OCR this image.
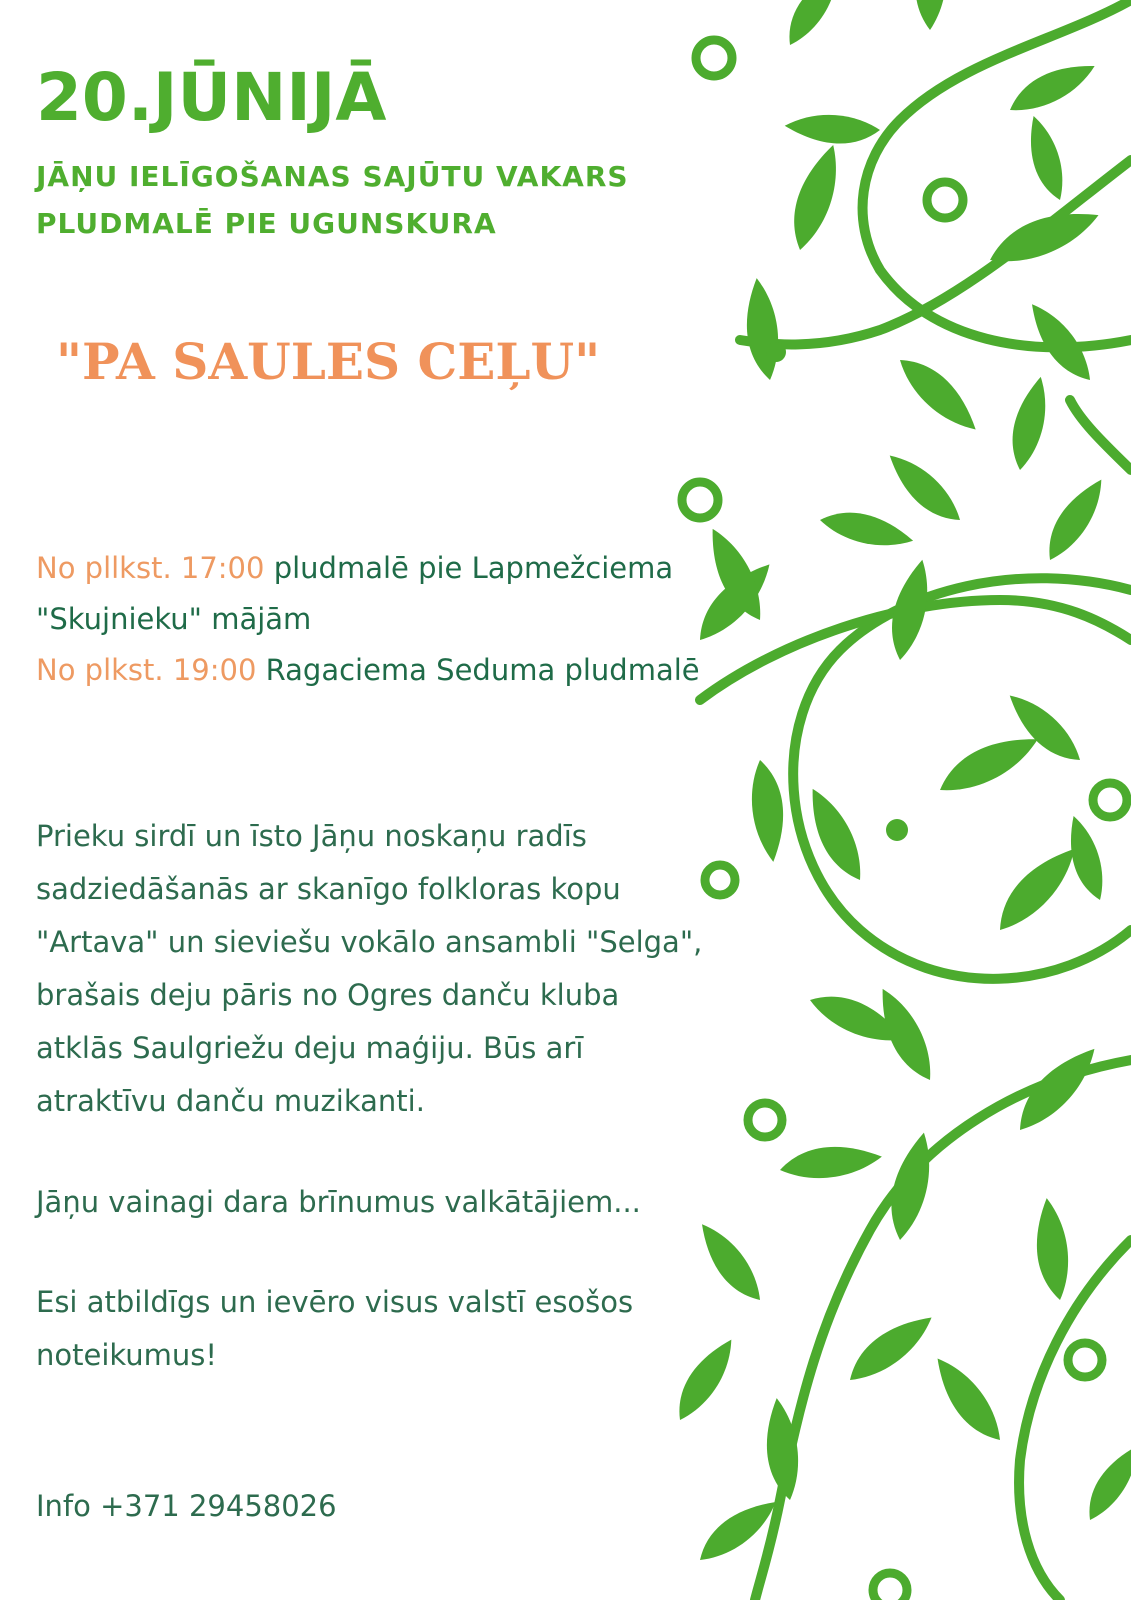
20.JŪNIJĀ

JĀŅU IELĪGOŠANAS SAJŪTU VAKARS

PLUDMALĒ PIE UGUNSKURA

"PA SAULES CEĻU"

No pllkst. 17:00 pludmalē pie Lapmežciema

"Skujnieku" mājām

No plkst. 19:00 Ragaciema Seduma pludmalē

Prieku sirdī un īsto Jāņu noskaņu radīs

sadziedāšanās ar skanīgo folkloras kopu

"Artava" un sieviešu vokālo ansambli "Selga",

brašais deju pāris no Ogres danču kluba

atklās Saulgriežu deju maģiju. Būs arī

atraktīvu danču muzikanti.

Jāņu vainagi dara brīnumus valkātājiem...

Esi atbildīgs un ievēro visus valstī esošos

noteikumus!

Info +371 29458026
